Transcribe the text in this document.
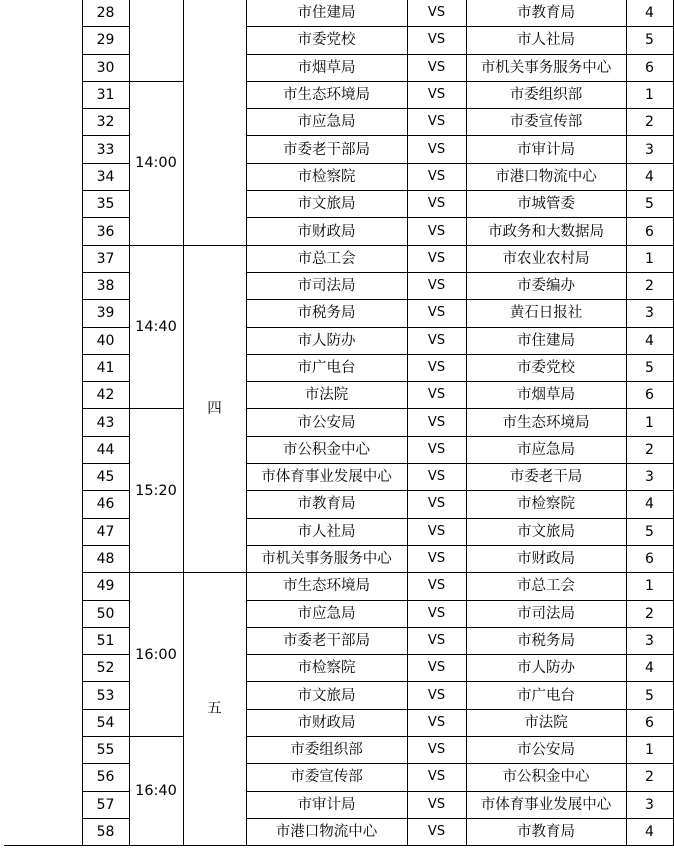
	28			市住建局	VS	市教育局	4
	29			市委党校	VS	市人社局	5
	30			市烟草局	VS	市机关事务服务中心	6
	31	14:00		市生态环境局	VS	市委组织部	1
	32			市应急局	VS	市委宣传部	2
	33			市委老干部局	VS	市审计局	3
	34			市检察院	VS	市港口物流中心	4
	35			市文旅局	VS	市城管委	5
	36			市财政局	VS	市政务和大数据局	6
	37	14:40	四	市总工会	VS	市农业农村局	1
	38			市司法局	VS	市委编办	2
	39			市税务局	VS	黄石日报社	3
	40			市人防办	VS	市住建局	4
	41			市广电台	VS	市委党校	5
	42			市法院	VS	市烟草局	6
	43	15:20		市公安局	VS	市生态环境局	1
	44			市公积金中心	VS	市应急局	2
	45			市体育事业发展中心	VS	市委老干局	3
	46			市教育局	VS	市检察院	4
	47			市人社局	VS	市文旅局	5
	48			市机关事务服务中心	VS	市财政局	6
	49	16:00	五	市生态环境局	VS	市总工会	1
	50			市应急局	VS	市司法局	2
	51			市委老干部局	VS	市税务局	3
	52			市检察院	VS	市人防办	4
	53			市文旅局	VS	市广电台	5
	54			市财政局	VS	市法院	6
	55	16:40		市委组织部	VS	市公安局	1
	56			市委宣传部	VS	市公积金中心	2
	57			市审计局	VS	市体育事业发展中心	3
	58			市港口物流中心	VS	市教育局	4
